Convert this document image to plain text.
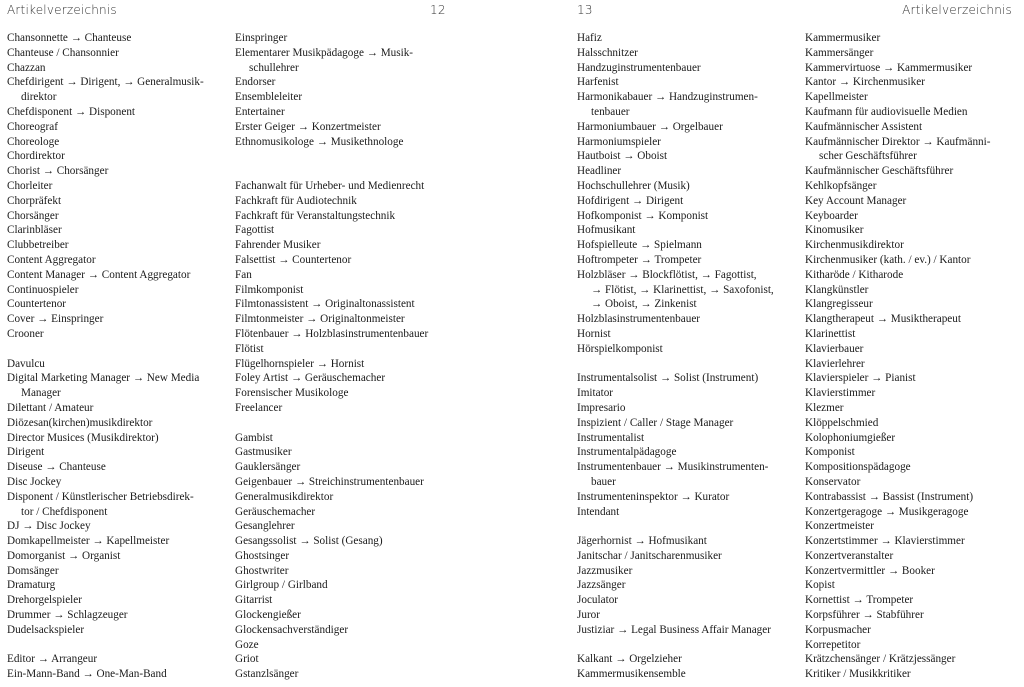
Artikelverzeichnis	12
Chansonnette → Chanteuse
Chanteuse / Chansonnier
Chazzan
Chefdirigent → Dirigent, → Generalmusik-
direktor
Chefdisponent → Disponent
Choreograf
Choreologe
Chordirektor
Chorist → Chorsänger
Chorleiter
Chorpräfekt
Chorsänger
Clarinbläser
Clubbetreiber
Content Aggregator
Content Manager → Content Aggregator
Continuospieler
Countertenor
Cover → Einspringer
Crooner
Davulcu
Digital Marketing Manager → New Media
Manager
Dilettant / Amateur
Diözesan(kirchen)musikdirektor
Director Musices (Musikdirektor)
Dirigent
Diseuse → Chanteuse
Disc Jockey
Disponent / Künstlerischer Betriebsdirek-
tor / Chefdisponent
DJ → Disc Jockey
Domkapellmeister → Kapellmeister
Domorganist → Organist
Domsänger
Dramaturg
Drehorgelspieler
Drummer → Schlagzeuger
Dudelsackspieler
Editor → Arrangeur
Ein-Mann-Band → One-Man-Band
Einspringer
Elementarer Musikpädagoge → Musik-
schullehrer
Endorser
Ensembleleiter
Entertainer
Erster Geiger → Konzertmeister
Ethnomusikologe → Musikethnologe
Fachanwalt für Urheber- und Medienrecht
Fachkraft für Audiotechnik
Fachkraft für Veranstaltungstechnik
Fagottist
Fahrender Musiker
Falsettist → Countertenor
Fan
Filmkomponist
Filmtonassistent → Originaltonassistent
Filmtonmeister → Originaltonmeister
Flötenbauer → Holzblasinstrumentenbauer
Flötist
Flügelhornspieler → Hornist
Foley Artist → Geräuschemacher
Forensischer Musikologe
Freelancer
Gambist
Gastmusiker
Gauklersänger
Geigenbauer → Streichinstrumentenbauer
Generalmusikdirektor
Geräuschemacher
Gesanglehrer
Gesangssolist → Solist (Gesang)
Ghostsinger
Ghostwriter
Girlgroup / Girlband
Gitarrist
Glockengießer
Glockensachverständiger
Goze
Griot
Gstanzlsänger
13	Artikelverzeichnis
Hafiz
Halsschnitzer
Handzuginstrumentenbauer
Harfenist
Harmonikabauer → Handzuginstrumen-
tenbauer
Harmoniumbauer → Orgelbauer
Harmoniumspieler
Hautboist → Oboist
Headliner
Hochschullehrer (Musik)
Hofdirigent → Dirigent
Hofkomponist → Komponist
Hofmusikant
Hofspielleute → Spielmann
Hoftrompeter → Trompeter
Holzbläser → Blockflötist, → Fagottist,
→ Flötist, → Klarinettist, → Saxofonist,
→ Oboist, → Zinkenist
Holzblasinstrumentenbauer
Hornist
Hörspielkomponist
Instrumentalsolist → Solist (Instrument)
Imitator
Impresario
Inspizient / Caller / Stage Manager
Instrumentalist
Instrumentalpädagoge
Instrumentenbauer → Musikinstrumenten-
bauer
Instrumenteninspektor → Kurator
Intendant
Jägerhornist → Hofmusikant
Janitschar / Janitscharenmusiker
Jazzmusiker
Jazzsänger
Joculator
Juror
Justiziar → Legal Business Affair Manager
Kalkant → Orgelzieher
Kammermusikensemble
Kammermusiker
Kammersänger
Kammervirtuose → Kammermusiker
Kantor → Kirchenmusiker
Kapellmeister
Kaufmann für audiovisuelle Medien
Kaufmännischer Assistent
Kaufmännischer Direktor → Kaufmänni-
scher Geschäftsführer
Kaufmännischer Geschäftsführer
Kehlkopfsänger
Key Account Manager
Keyboarder
Kinomusiker
Kirchenmusikdirektor
Kirchenmusiker (kath. / ev.) / Kantor
Kitharöde / Kitharode
Klangkünstler
Klangregisseur
Klangtherapeut → Musiktherapeut
Klarinettist
Klavierbauer
Klavierlehrer
Klavierspieler → Pianist
Klavierstimmer
Klezmer
Klöppelschmied
Kolophoniumgießer
Komponist
Kompositionspädagoge
Konservator
Kontrabassist → Bassist (Instrument)
Konzertgeragoge → Musikgeragoge
Konzertmeister
Konzertstimmer → Klavierstimmer
Konzertveranstalter
Konzertvermittler → Booker
Kopist
Kornettist → Trompeter
Korpsführer → Stabführer
Korpusmacher
Korrepetitor
Krätzchensänger / Krätzjessänger
Kritiker / Musikkritiker
